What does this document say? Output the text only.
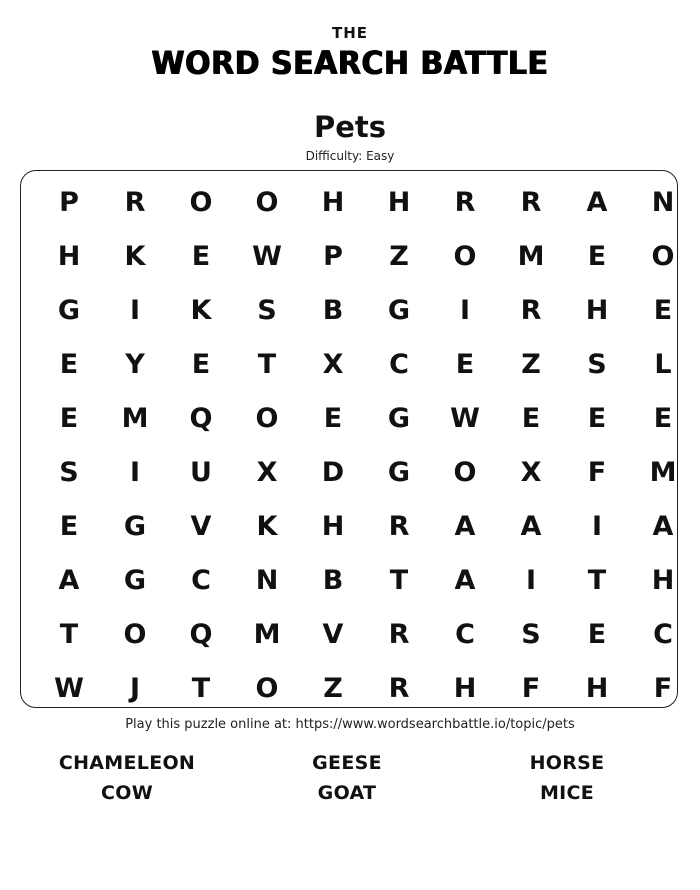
THE
WORD SEARCH BATTLE
Pets
Difficulty: Easy
P	R	O	O	H	H	R	R	A	N
H	K	E	W	P	Z	O	M	E	O
G	I	K	S	B	G	I	R	H	E
E	Y	E	T	X	C	E	Z	S	L
E	M	Q	O	E	G	W	E	E	E
S	I	U	X	D	G	O	X	F	M
E	G	V	K	H	R	A	A	I	A
A	G	C	N	B	T	A	I	T	H
T	O	Q	M	V	R	C	S	E	C
W	J	T	O	Z	R	H	F	H	F
Play this puzzle online at: https://www.wordsearchbattle.io/topic/pets
CHAMELEON	GEESE	HORSE
COW	GOAT	MICE
